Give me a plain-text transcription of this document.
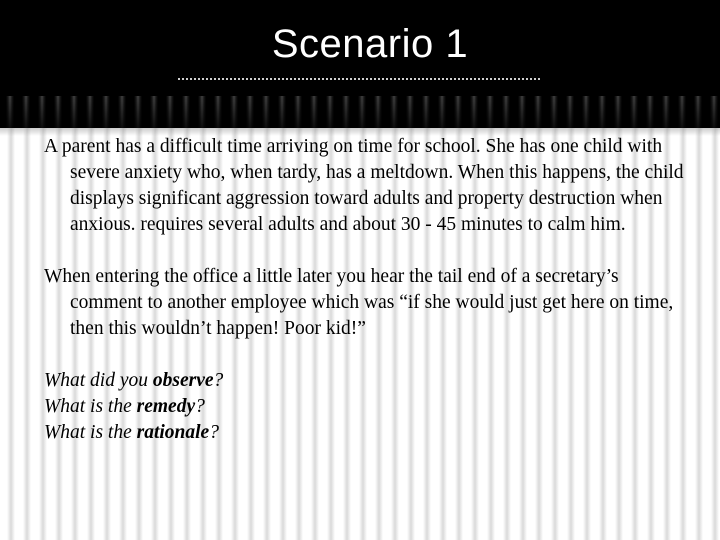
Scenario 1

A parent has a difficult time arriving on time for school. She has one child with severe anxiety who, when tardy, has a meltdown. When this happens, the child displays significant aggression toward adults and property destruction when anxious. requires several adults and about 30 - 45 minutes to calm him.

When entering the office a little later you hear the tail end of a secretary’s comment to another employee which was “if she would just get here on time, then this wouldn’t happen! Poor kid!”

What did you observe?

What is the remedy?

What is the rationale?
